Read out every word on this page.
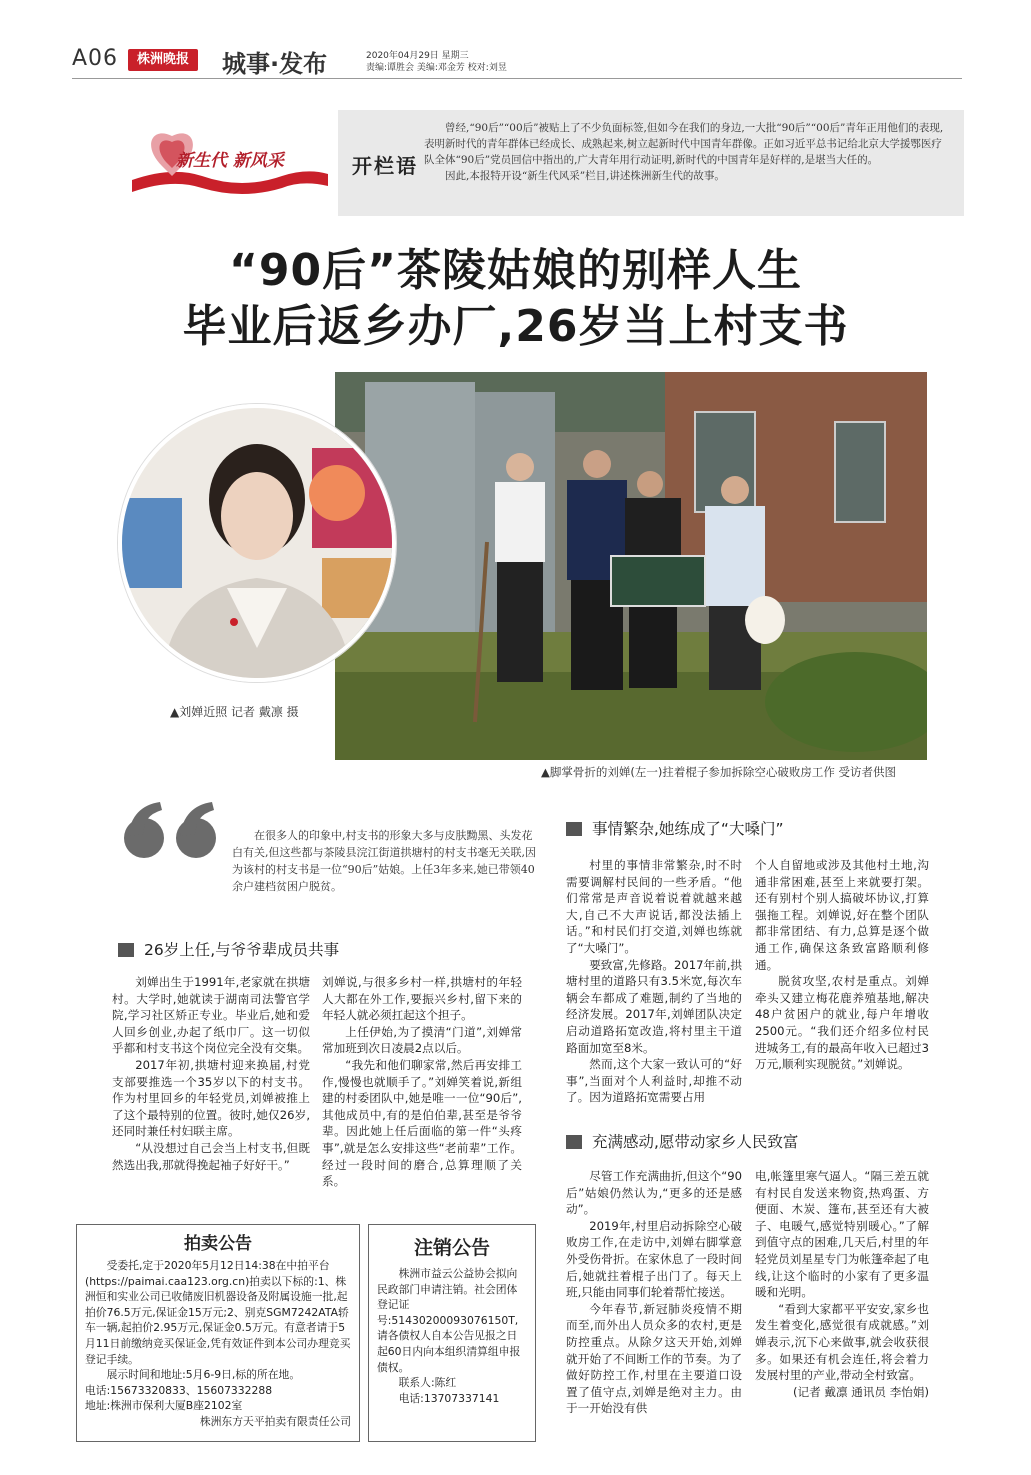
A06	株洲晚报	城事·发布	2020年04月29日 星期三
责编:谭胜会 美编:邓金芳 校对:刘昱
新生代 新风采	开栏语

曾经,“90后”“00后”被贴上了不少负面标签,但如今在我们的身边,一大批“90后”“00后”青年正用他们的表现,表明新时代的青年群体已经成长、成熟起来,树立起新时代中国青年群像。正如习近平总书记给北京大学援鄂医疗队全体“90后”党员回信中指出的,广大青年用行动证明,新时代的中国青年是好样的,是堪当大任的。

因此,本报特开设“新生代风采”栏目,讲述株洲新生代的故事。

“90后”茶陵姑娘的别样人生
毕业后返乡办厂,26岁当上村支书
▲刘婵近照 记者 戴凛 摄
▲脚掌骨折的刘婵(左一)拄着棍子参加拆除空心破败房工作 受访者供图

在很多人的印象中,村支书的形象大多与皮肤黝黑、头发花白有关,但这些都与茶陵县浣江街道拱塘村的村支书毫无关联,因为该村的村支书是一位“90后”姑娘。上任3年多来,她已带领40余户建档贫困户脱贫。

26岁上任,与爷爷辈成员共事

刘婵出生于1991年,老家就在拱塘村。大学时,她就读于湖南司法警官学院,学习社区矫正专业。毕业后,她和爱人回乡创业,办起了纸巾厂。这一切似乎都和村支书这个岗位完全没有交集。

2017年初,拱塘村迎来换届,村党支部要推选一个35岁以下的村支书。作为村里回乡的年轻党员,刘婵被推上了这个最特别的位置。彼时,她仅26岁,还同时兼任村妇联主席。

“从没想过自己会当上村支书,但既然选出我,那就得挽起袖子好好干。”

刘婵说,与很多乡村一样,拱塘村的年轻人大都在外工作,要振兴乡村,留下来的年轻人就必须扛起这个担子。

上任伊始,为了摸清“门道”,刘婵常常加班到次日凌晨2点以后。

“我先和他们聊家常,然后再安排工作,慢慢也就顺手了。”刘婵笑着说,新组建的村委团队中,她是唯一一位“90后”,其他成员中,有的是伯伯辈,甚至是爷爷辈。因此她上任后面临的第一件“头疼事”,就是怎么安排这些“老前辈”工作。经过一段时间的磨合,总算理顺了关系。

事情繁杂,她练成了“大嗓门”

村里的事情非常繁杂,时不时需要调解村民间的一些矛盾。“他们常常是声音说着说着就越来越大,自己不大声说话,都没法插上话。”和村民们打交道,刘婵也练就了“大嗓门”。

要致富,先修路。2017年前,拱塘村里的道路只有3.5米宽,每次车辆会车都成了难题,制约了当地的经济发展。2017年,刘婵团队决定启动道路拓宽改造,将村里主干道路面加宽至8米。

然而,这个大家一致认可的“好事”,当面对个人利益时,却推不动了。因为道路拓宽需要占用

个人自留地或涉及其他村土地,沟通非常困难,甚至上来就要打架。还有别村个别人搞破坏协议,打算强拖工程。刘婵说,好在整个团队都非常团结、有力,总算是逐个做通工作,确保这条致富路顺利修通。

脱贫攻坚,农村是重点。刘婵牵头又建立梅花鹿养殖基地,解决48户贫困户的就业,每户年增收2500元。“我们还介绍多位村民进城务工,有的最高年收入已超过3万元,顺利实现脱贫。”刘婵说。

充满感动,愿带动家乡人民致富

尽管工作充满曲折,但这个“90后”姑娘仍然认为,“更多的还是感动”。

2019年,村里启动拆除空心破败房工作,在走访中,刘婵右脚掌意外受伤骨折。在家休息了一段时间后,她就拄着棍子出门了。每天上班,只能由同事们轮着帮忙接送。

今年春节,新冠肺炎疫情不期而至,而外出人员众多的农村,更是防控重点。从除夕这天开始,刘婵就开始了不间断工作的节奏。为了做好防控工作,村里在主要道口设置了值守点,刘婵是绝对主力。由于一开始没有供

电,帐篷里寒气逼人。“隔三差五就有村民自发送来物资,热鸡蛋、方便面、木炭、篷布,甚至还有大被子、电暖气,感觉特别暖心。”了解到值守点的困难,几天后,村里的年轻党员刘星星专门为帐篷牵起了电线,让这个临时的小家有了更多温暖和光明。

“看到大家都平平安安,家乡也发生着变化,感觉很有成就感。”刘婵表示,沉下心来做事,就会收获很多。如果还有机会连任,将会着力发展村里的产业,带动全村致富。

(记者 戴凛 通讯员 李怡娟)

拍卖公告

受委托,定于2020年5月12日14:38在中拍平台(https://paimai.caa123.org.cn)拍卖以下标的:1、株洲恒和实业公司已收储废旧机器设备及附属设施一批,起拍价76.5万元,保证金15万元;2、别克SGM7242ATA轿车一辆,起拍价2.95万元,保证金0.5万元。有意者请于5月11日前缴纳竞买保证金,凭有效证件到本公司办理竞买登记手续。

展示时间和地址:5月6-9日,标的所在地。

电话:15673320833、15607332288
地址:株洲市保利大厦B座2102室
株洲东方天平拍卖有限责任公司
注销公告

株洲市益云公益协会拟向民政部门申请注销。社会团体登记证号:51430200093076150T,请各债权人自本公告见报之日起60日内向本组织清算组申报债权。

联系人:陈红
电话:13707337141
